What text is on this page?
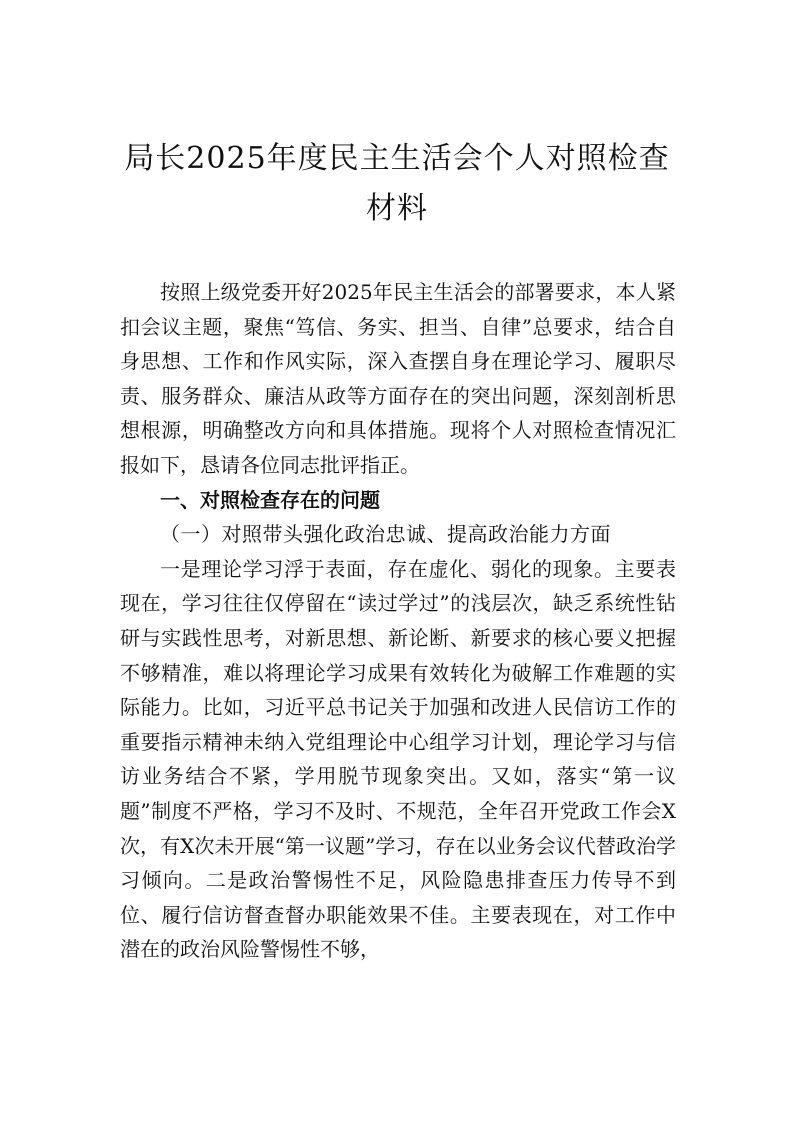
局长2025年度民主生活会个人对照检查材料

按照上级党委开好2025年民主生活会的部署要求，本人紧扣会议主题，聚焦“笃信、务实、担当、自律”总要求，结合自身思想、工作和作风实际，深入查摆自身在理论学习、履职尽责、服务群众、廉洁从政等方面存在的突出问题，深刻剖析思想根源，明确整改方向和具体措施。现将个人对照检查情况汇报如下，恳请各位同志批评指正。

一、对照检查存在的问题

（一）对照带头强化政治忠诚、提高政治能力方面

一是理论学习浮于表面，存在虚化、弱化的现象。主要表现在，学习往往仅停留在“读过学过”的浅层次，缺乏系统性钻研与实践性思考，对新思想、新论断、新要求的核心要义把握不够精准，难以将理论学习成果有效转化为破解工作难题的实际能力。比如，习近平总书记关于加强和改进人民信访工作的重要指示精神未纳入党组理论中心组学习计划，理论学习与信访业务结合不紧，学用脱节现象突出。又如，落实“第一议题”制度不严格，学习不及时、不规范，全年召开党政工作会X次，有X次未开展“第一议题”学习，存在以业务会议代替政治学习倾向。二是政治警惕性不足，风险隐患排查压力传导不到位、履行信访督查督办职能效果不佳。主要表现在，对工作中潜在的政治风险警惕性不够，
